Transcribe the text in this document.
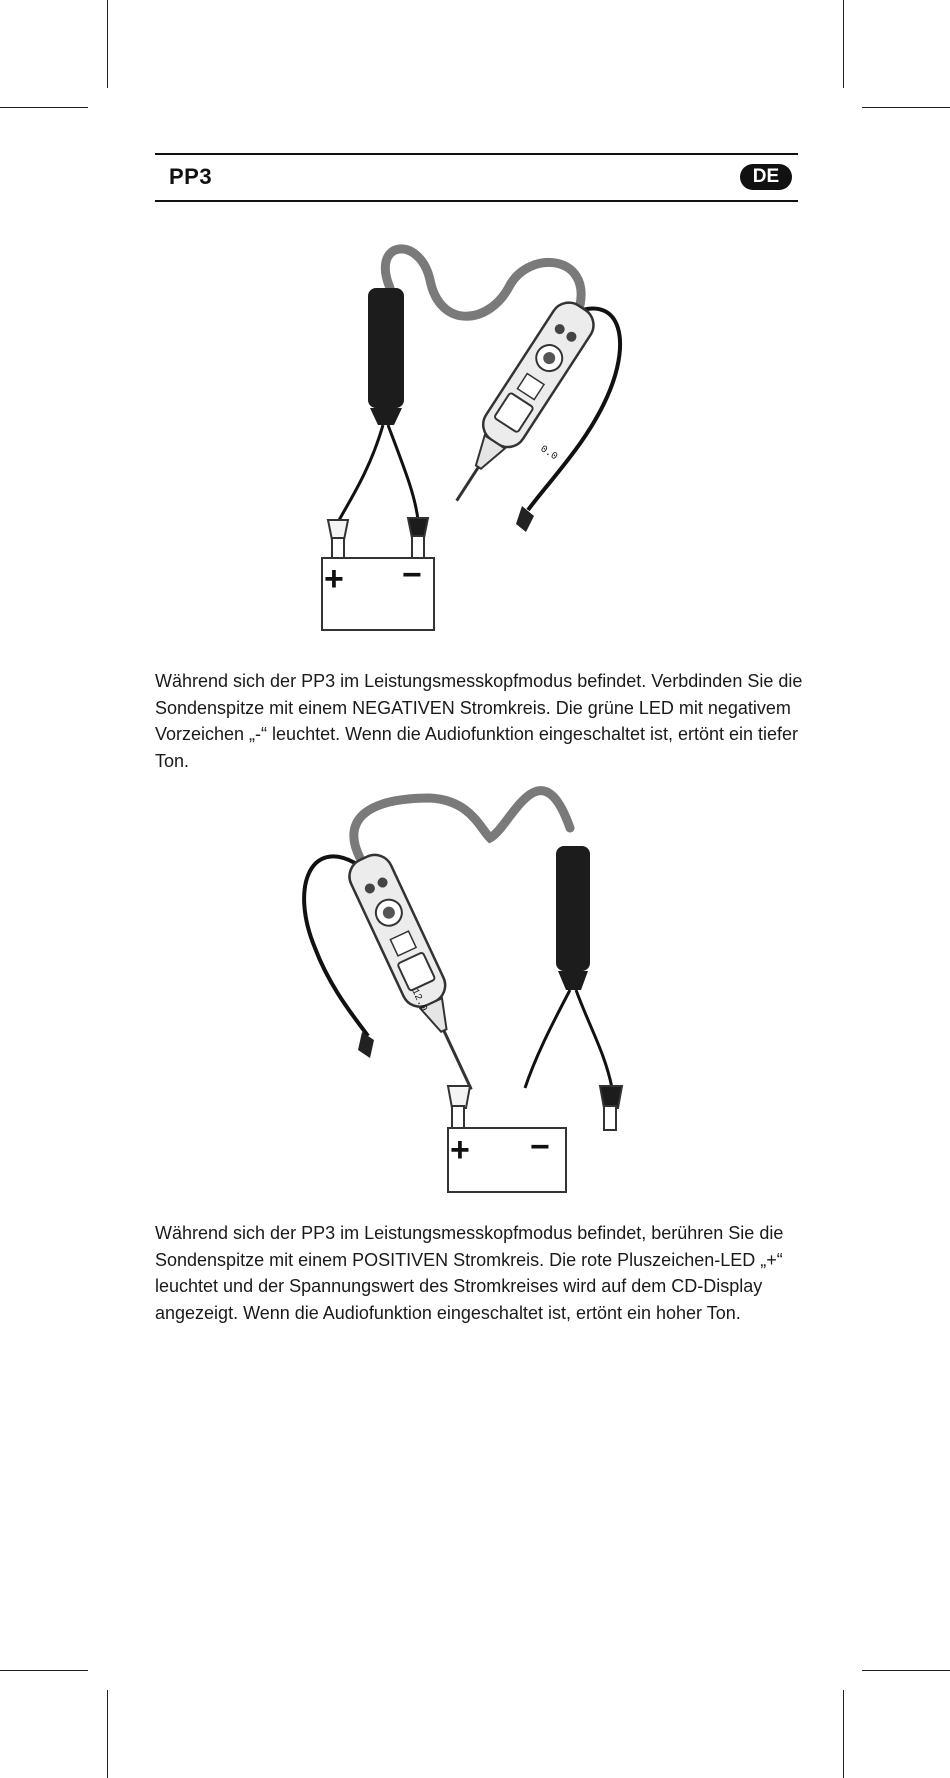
PP3	DE
0.0
+ −
Während sich der PP3 im Leistungsmesskopfmodus befindet. Verbdinden Sie die Sondenspitze mit einem NEGATIVEN Stromkreis. Die grüne LED mit negativem Vorzeichen „-“ leuchtet. Wenn die Audiofunktion eingeschaltet ist, ertönt ein tiefer Ton.
12.0
+ −
Während sich der PP3 im Leistungsmesskopfmodus befindet, berühren Sie die Sondenspitze mit einem POSITIVEN Stromkreis. Die rote Pluszeichen-LED „+“ leuchtet und der Spannungswert des Stromkreises wird auf dem CD-Display angezeigt. Wenn die Audiofunktion eingeschaltet ist, ertönt ein hoher Ton.
